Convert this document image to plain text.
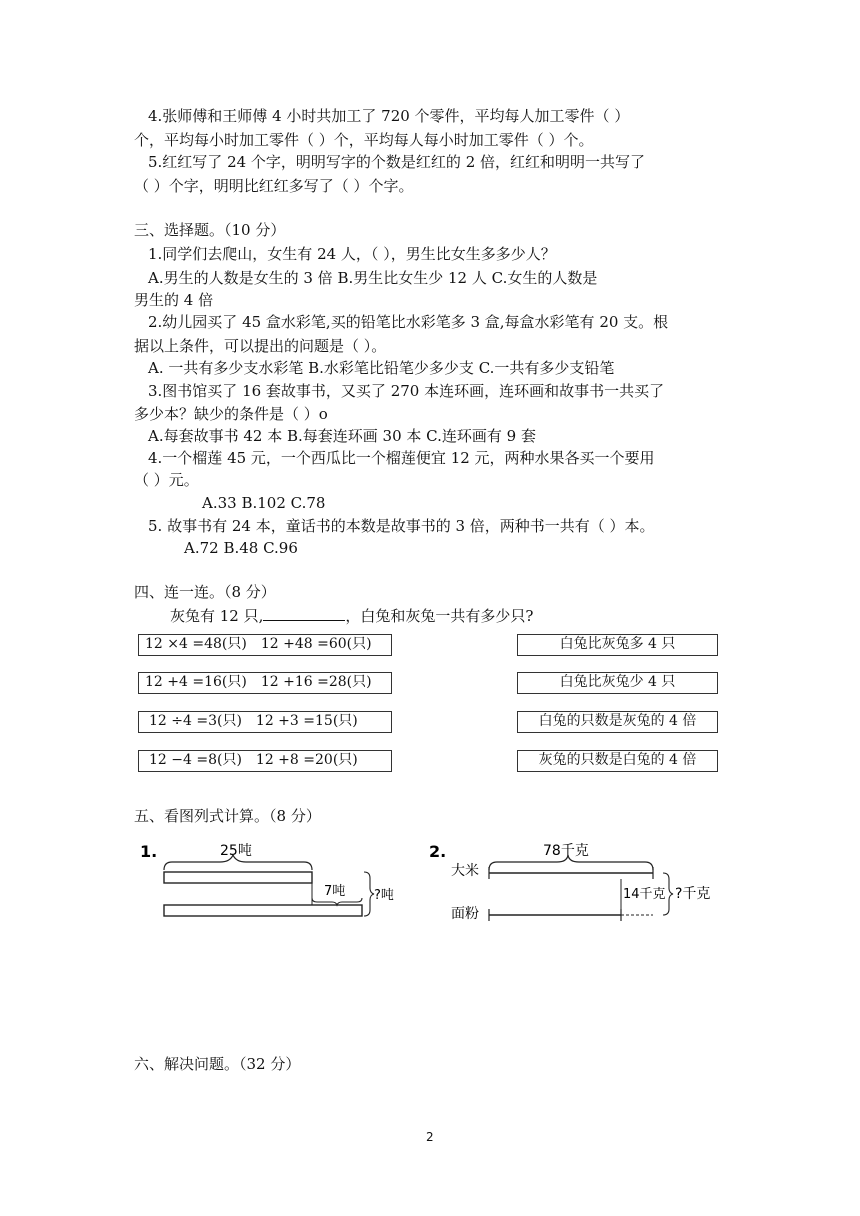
4.张师傅和王师傅 4 小时共加工了 720 个零件，平均每人加工零件（ ）
个，平均每小时加工零件（ ）个，平均每人每小时加工零件（ ）个。
5.红红写了 24 个字，明明写字的个数是红红的 2 倍，红红和明明一共写了
（ ）个字，明明比红红多写了（ ）个字。
三、选择题。（10 分）
1.同学们去爬山，女生有 24 人，（ ），男生比女生多多少人？
A.男生的人数是女生的 3 倍 B.男生比女生少 12 人 C.女生的人数是
男生的 4 倍
2.幼儿园买了 45 盒水彩笔,买的铅笔比水彩笔多 3 盒,每盒水彩笔有 20 支。根
据以上条件，可以提出的问题是（ ）。
A. 一共有多少支水彩笔 B.水彩笔比铅笔少多少支 C.一共有多少支铅笔
3.图书馆买了 16 套故事书，又买了 270 本连环画，连环画和故事书一共买了
多少本？缺少的条件是（ ）o
A.每套故事书 42 本 B.每套连环画 30 本 C.连环画有 9 套
4.一个榴莲 45 元，一个西瓜比一个榴莲便宜 12 元，两种水果各买一个要用
（ ）元。
A.33 B.102 C.78
5. 故事书有 24 本，童话书的本数是故事书的 3 倍，两种书一共有（ ）本。
A.72 B.48 C.96
四、连一连。（8 分）
灰兔有 12 只,	，白兔和灰兔一共有多少只?
12 ×4 =48(只) 12 +48 =60(只)
12 +4 =16(只) 12 +16 =28(只)
12 ÷4 =3(只) 12 +3 =15(只)
12 −4 =8(只) 12 +8 =20(只)
白兔比灰兔多 4 只
白兔比灰兔少 4 只
白兔的只数是灰兔的 4 倍
灰兔的只数是白兔的 4 倍
五、看图列式计算。（8 分）
1.	25吨
7吨 ?吨
2.	78千克
大米
面粉
14千克 ?千克
六、解决问题。（32 分）
2
